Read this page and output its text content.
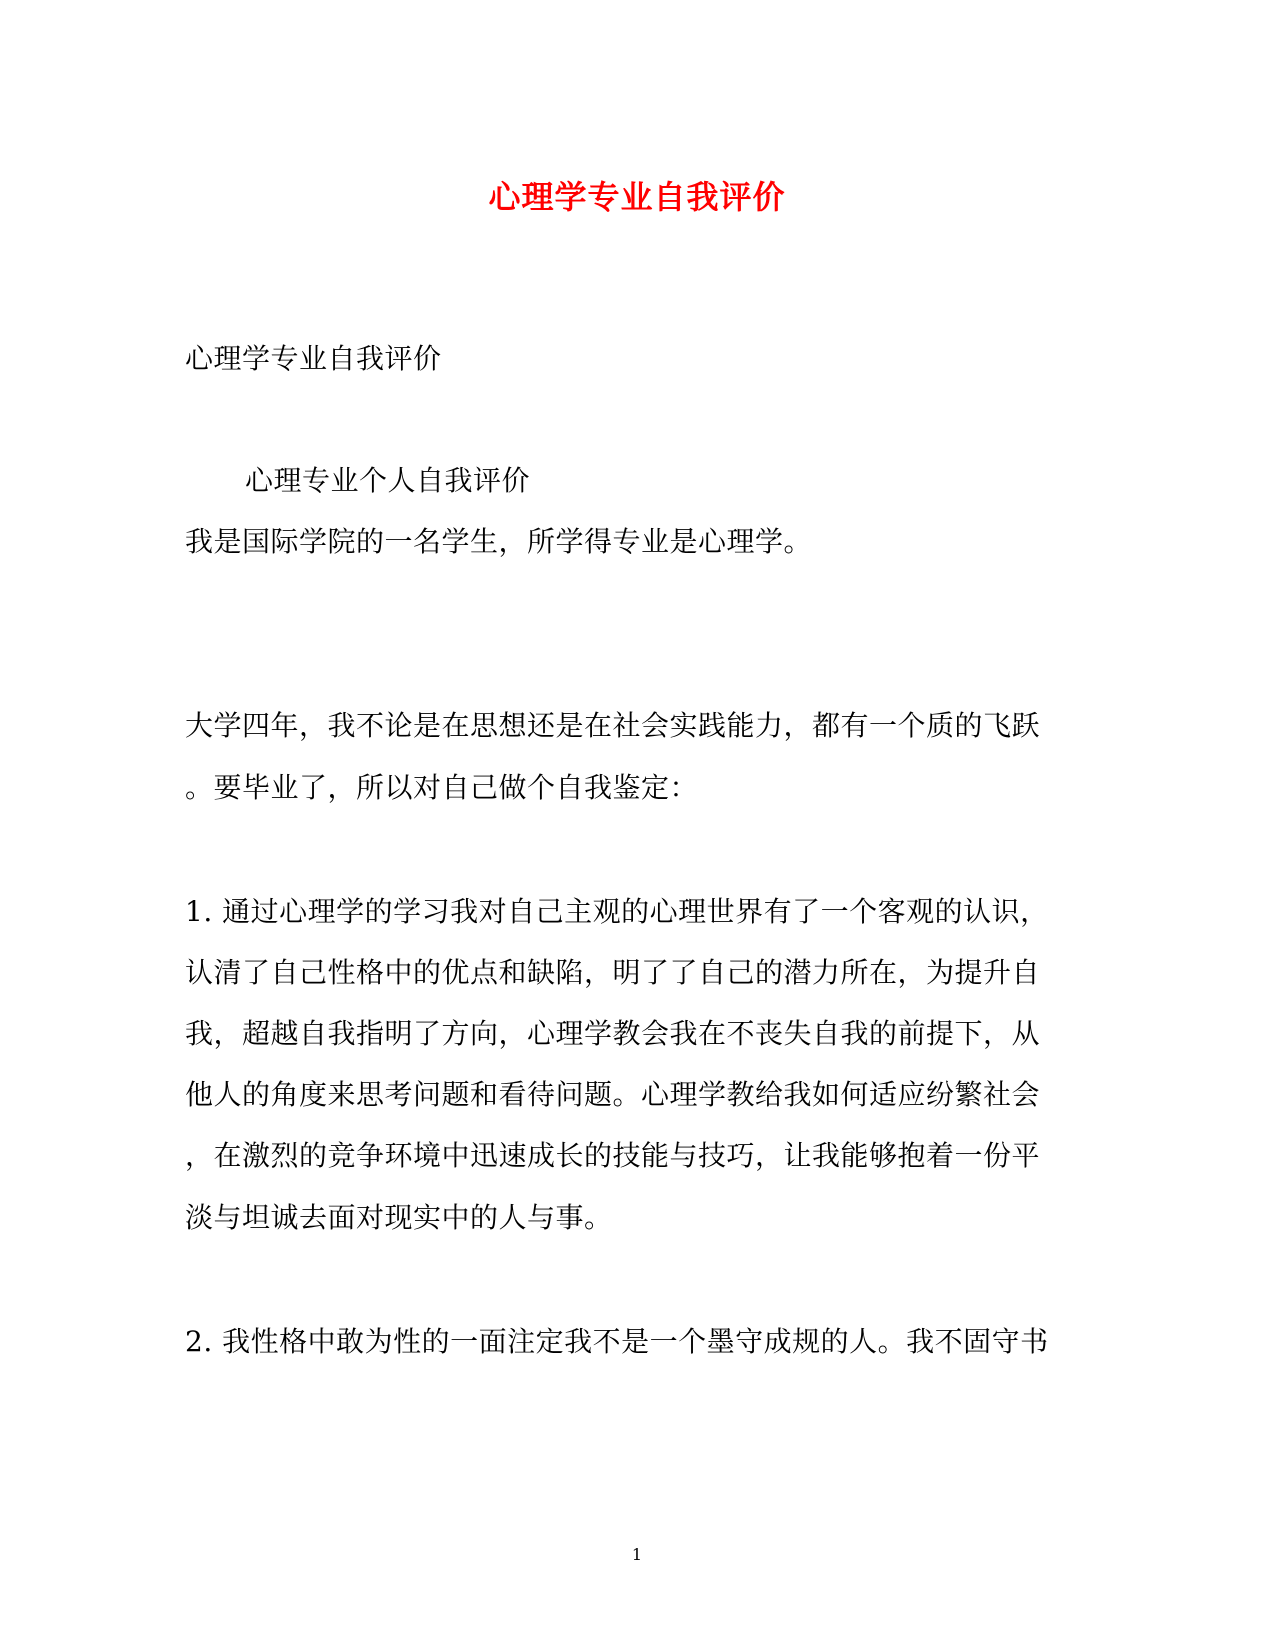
心理学专业自我评价
心理学专业自我评价
心理专业个人自我评价
我是国际学院的一名学生，所学得专业是心理学。
大学四年，我不论是在思想还是在社会实践能力，都有一个质的飞跃
。要毕业了，所以对自己做个自我鉴定：
1. 通过心理学的学习我对自己主观的心理世界有了一个客观的认识，
认清了自己性格中的优点和缺陷，明了了自己的潜力所在，为提升自
我，超越自我指明了方向，心理学教会我在不丧失自我的前提下，从
他人的角度来思考问题和看待问题。心理学教给我如何适应纷繁社会
，在激烈的竞争环境中迅速成长的技能与技巧，让我能够抱着一份平
淡与坦诚去面对现实中的人与事。
2. 我性格中敢为性的一面注定我不是一个墨守成规的人。我不固守书
1
